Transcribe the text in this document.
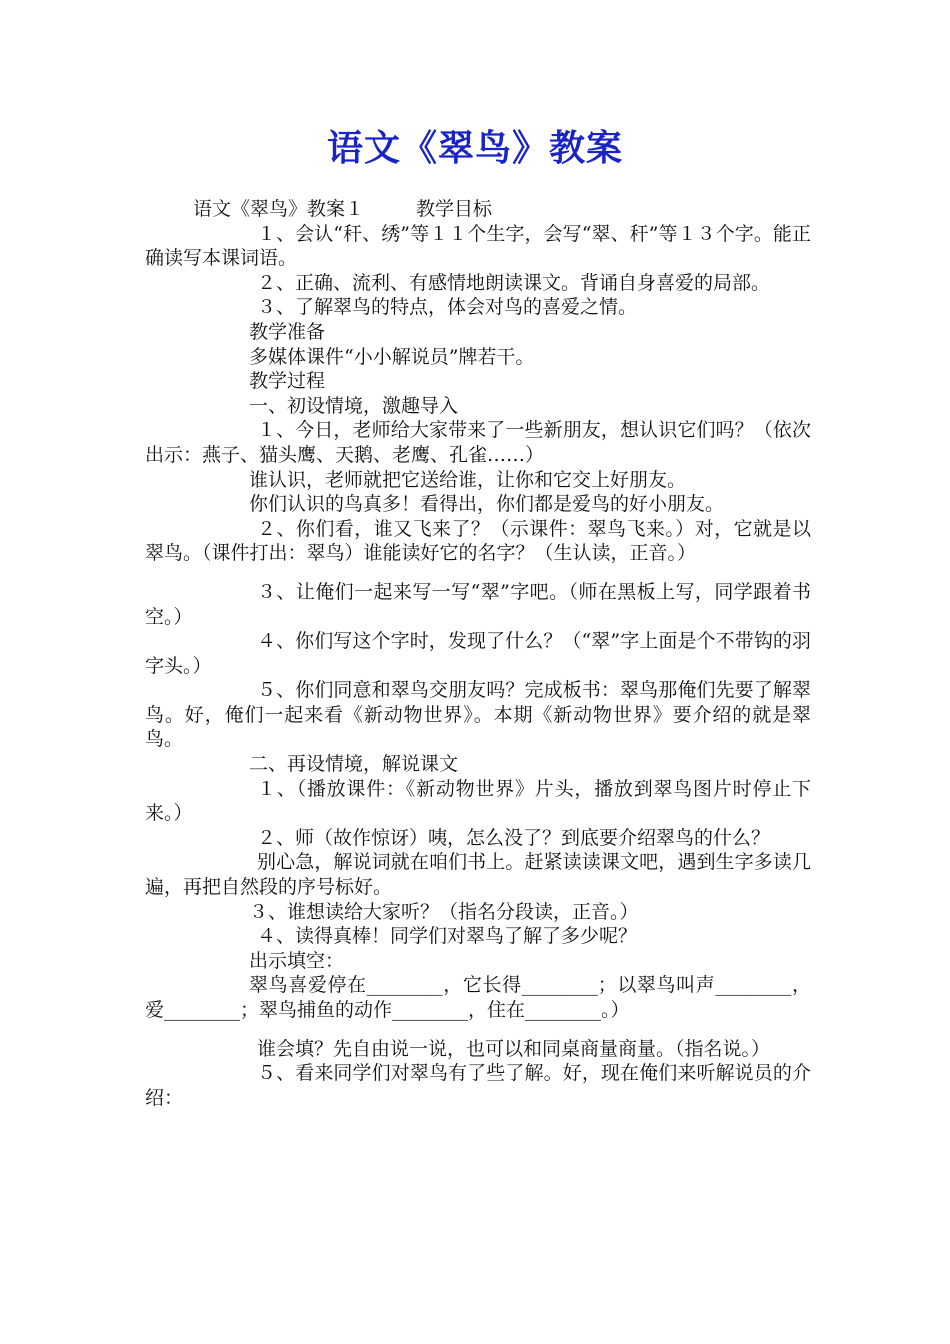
语文《翠鸟》教案

语文《翠鸟》教案１	教学目标

１、会认“秆、绣”等１１个生字，会写“翠、秆”等１３个字。能正确读写本课词语。

２、正确、流利、有感情地朗读课文。背诵自身喜爱的局部。

３、了解翠鸟的特点，体会对鸟的喜爱之情。

教学准备

多媒体课件“小小解说员”牌若干。

教学过程

一、初设情境，激趣导入

１、今日，老师给大家带来了一些新朋友，想认识它们吗？（依次出示：燕子、猫头鹰、天鹅、老鹰、孔雀……）

谁认识，老师就把它送给谁，让你和它交上好朋友。

你们认识的鸟真多！看得出，你们都是爱鸟的好小朋友。

２、你们看，谁又飞来了？（示课件：翠鸟飞来。）对，它就是以翠鸟。（课件打出：翠鸟）谁能读好它的名字？（生认读，正音。）

３、让俺们一起来写一写“翠”字吧。（师在黑板上写，同学跟着书空。）

４、你们写这个字时，发现了什么？（“翠”字上面是个不带钩的羽字头。）

５、你们同意和翠鸟交朋友吗？完成板书：翠鸟那俺们先要了解翠鸟。好，俺们一起来看《新动物世界》。本期《新动物世界》要介绍的就是翠鸟。

二、再设情境，解说课文

１、（播放课件：《新动物世界》片头，播放到翠鸟图片时停止下来。）

２、师（故作惊讶）咦，怎么没了？到底要介绍翠鸟的什么？

别心急，解说词就在咱们书上。赶紧读读课文吧，遇到生字多读几遍，再把自然段的序号标好。

３、谁想读给大家听？（指名分段读，正音。）

４、读得真棒！同学们对翠鸟了解了多少呢？

出示填空：

翠鸟喜爱停在________，它长得________；以翠鸟叫声________，爱________；翠鸟捕鱼的动作________，住在________。）

谁会填？先自由说一说，也可以和同桌商量商量。（指名说。）

５、看来同学们对翠鸟有了些了解。好，现在俺们来听解说员的介绍：
